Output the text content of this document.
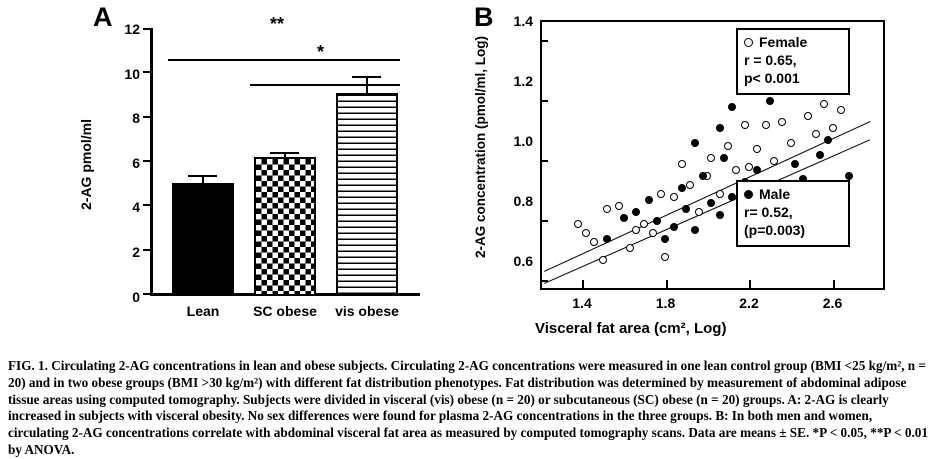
A
2-AG pmol/ml
0
2
4
6
8
10
12	**
*
Lean	SC obese	vis obese
B
2-AG concentration (pmol/ml, Log)
0.6
0.8
1.0
1.2
1.4
Female
r = 0.65,
p< 0.001
Male
r= 0.52,
(p=0.003)
1.4	1.8	2.2	2.6
Visceral fat area (cm², Log)
FIG. 1. Circulating 2-AG concentrations in lean and obese subjects. Circulating 2-AG concentrations were measured in one lean control group (BMI <25 kg/m², n = 20) and in two obese groups (BMI >30 kg/m²) with different fat distribution phenotypes. Fat distribution was determined by measurement of abdominal adipose tissue areas using computed tomography. Subjects were divided in visceral (vis) obese (n = 20) or subcutaneous (SC) obese (n = 20) groups. A: 2-AG is clearly increased in subjects with visceral obesity. No sex differences were found for plasma 2-AG concentrations in the three groups. B: In both men and women, circulating 2-AG concentrations correlate with abdominal visceral fat area as measured by computed tomography scans. Data are means ± SE. *P < 0.05, **P < 0.01 by ANOVA.
